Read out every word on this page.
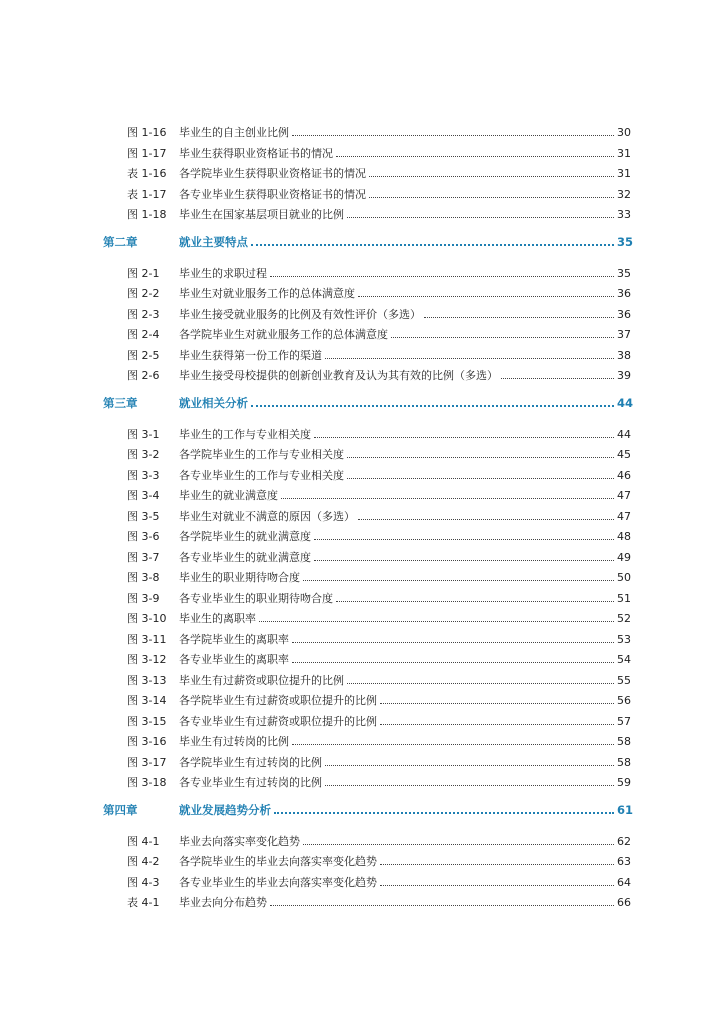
图 1-16	毕业生的自主创业比例	30
图 1-17	毕业生获得职业资格证书的情况	31
表 1-16	各学院毕业生获得职业资格证书的情况	31
表 1-17	各专业毕业生获得职业资格证书的情况	32
图 1-18	毕业生在国家基层项目就业的比例	33
第二章	就业主要特点	35
图 2-1	毕业生的求职过程	35
图 2-2	毕业生对就业服务工作的总体满意度	36
图 2-3	毕业生接受就业服务的比例及有效性评价（多选）	36
图 2-4	各学院毕业生对就业服务工作的总体满意度	37
图 2-5	毕业生获得第一份工作的渠道	38
图 2-6	毕业生接受母校提供的创新创业教育及认为其有效的比例（多选）	39
第三章	就业相关分析	44
图 3-1	毕业生的工作与专业相关度	44
图 3-2	各学院毕业生的工作与专业相关度	45
图 3-3	各专业毕业生的工作与专业相关度	46
图 3-4	毕业生的就业满意度	47
图 3-5	毕业生对就业不满意的原因（多选）	47
图 3-6	各学院毕业生的就业满意度	48
图 3-7	各专业毕业生的就业满意度	49
图 3-8	毕业生的职业期待吻合度	50
图 3-9	各专业毕业生的职业期待吻合度	51
图 3-10	毕业生的离职率	52
图 3-11	各学院毕业生的离职率	53
图 3-12	各专业毕业生的离职率	54
图 3-13	毕业生有过薪资或职位提升的比例	55
图 3-14	各学院毕业生有过薪资或职位提升的比例	56
图 3-15	各专业毕业生有过薪资或职位提升的比例	57
图 3-16	毕业生有过转岗的比例	58
图 3-17	各学院毕业生有过转岗的比例	58
图 3-18	各专业毕业生有过转岗的比例	59
第四章	就业发展趋势分析	61
图 4-1	毕业去向落实率变化趋势	62
图 4-2	各学院毕业生的毕业去向落实率变化趋势	63
图 4-3	各专业毕业生的毕业去向落实率变化趋势	64
表 4-1	毕业去向分布趋势	66
